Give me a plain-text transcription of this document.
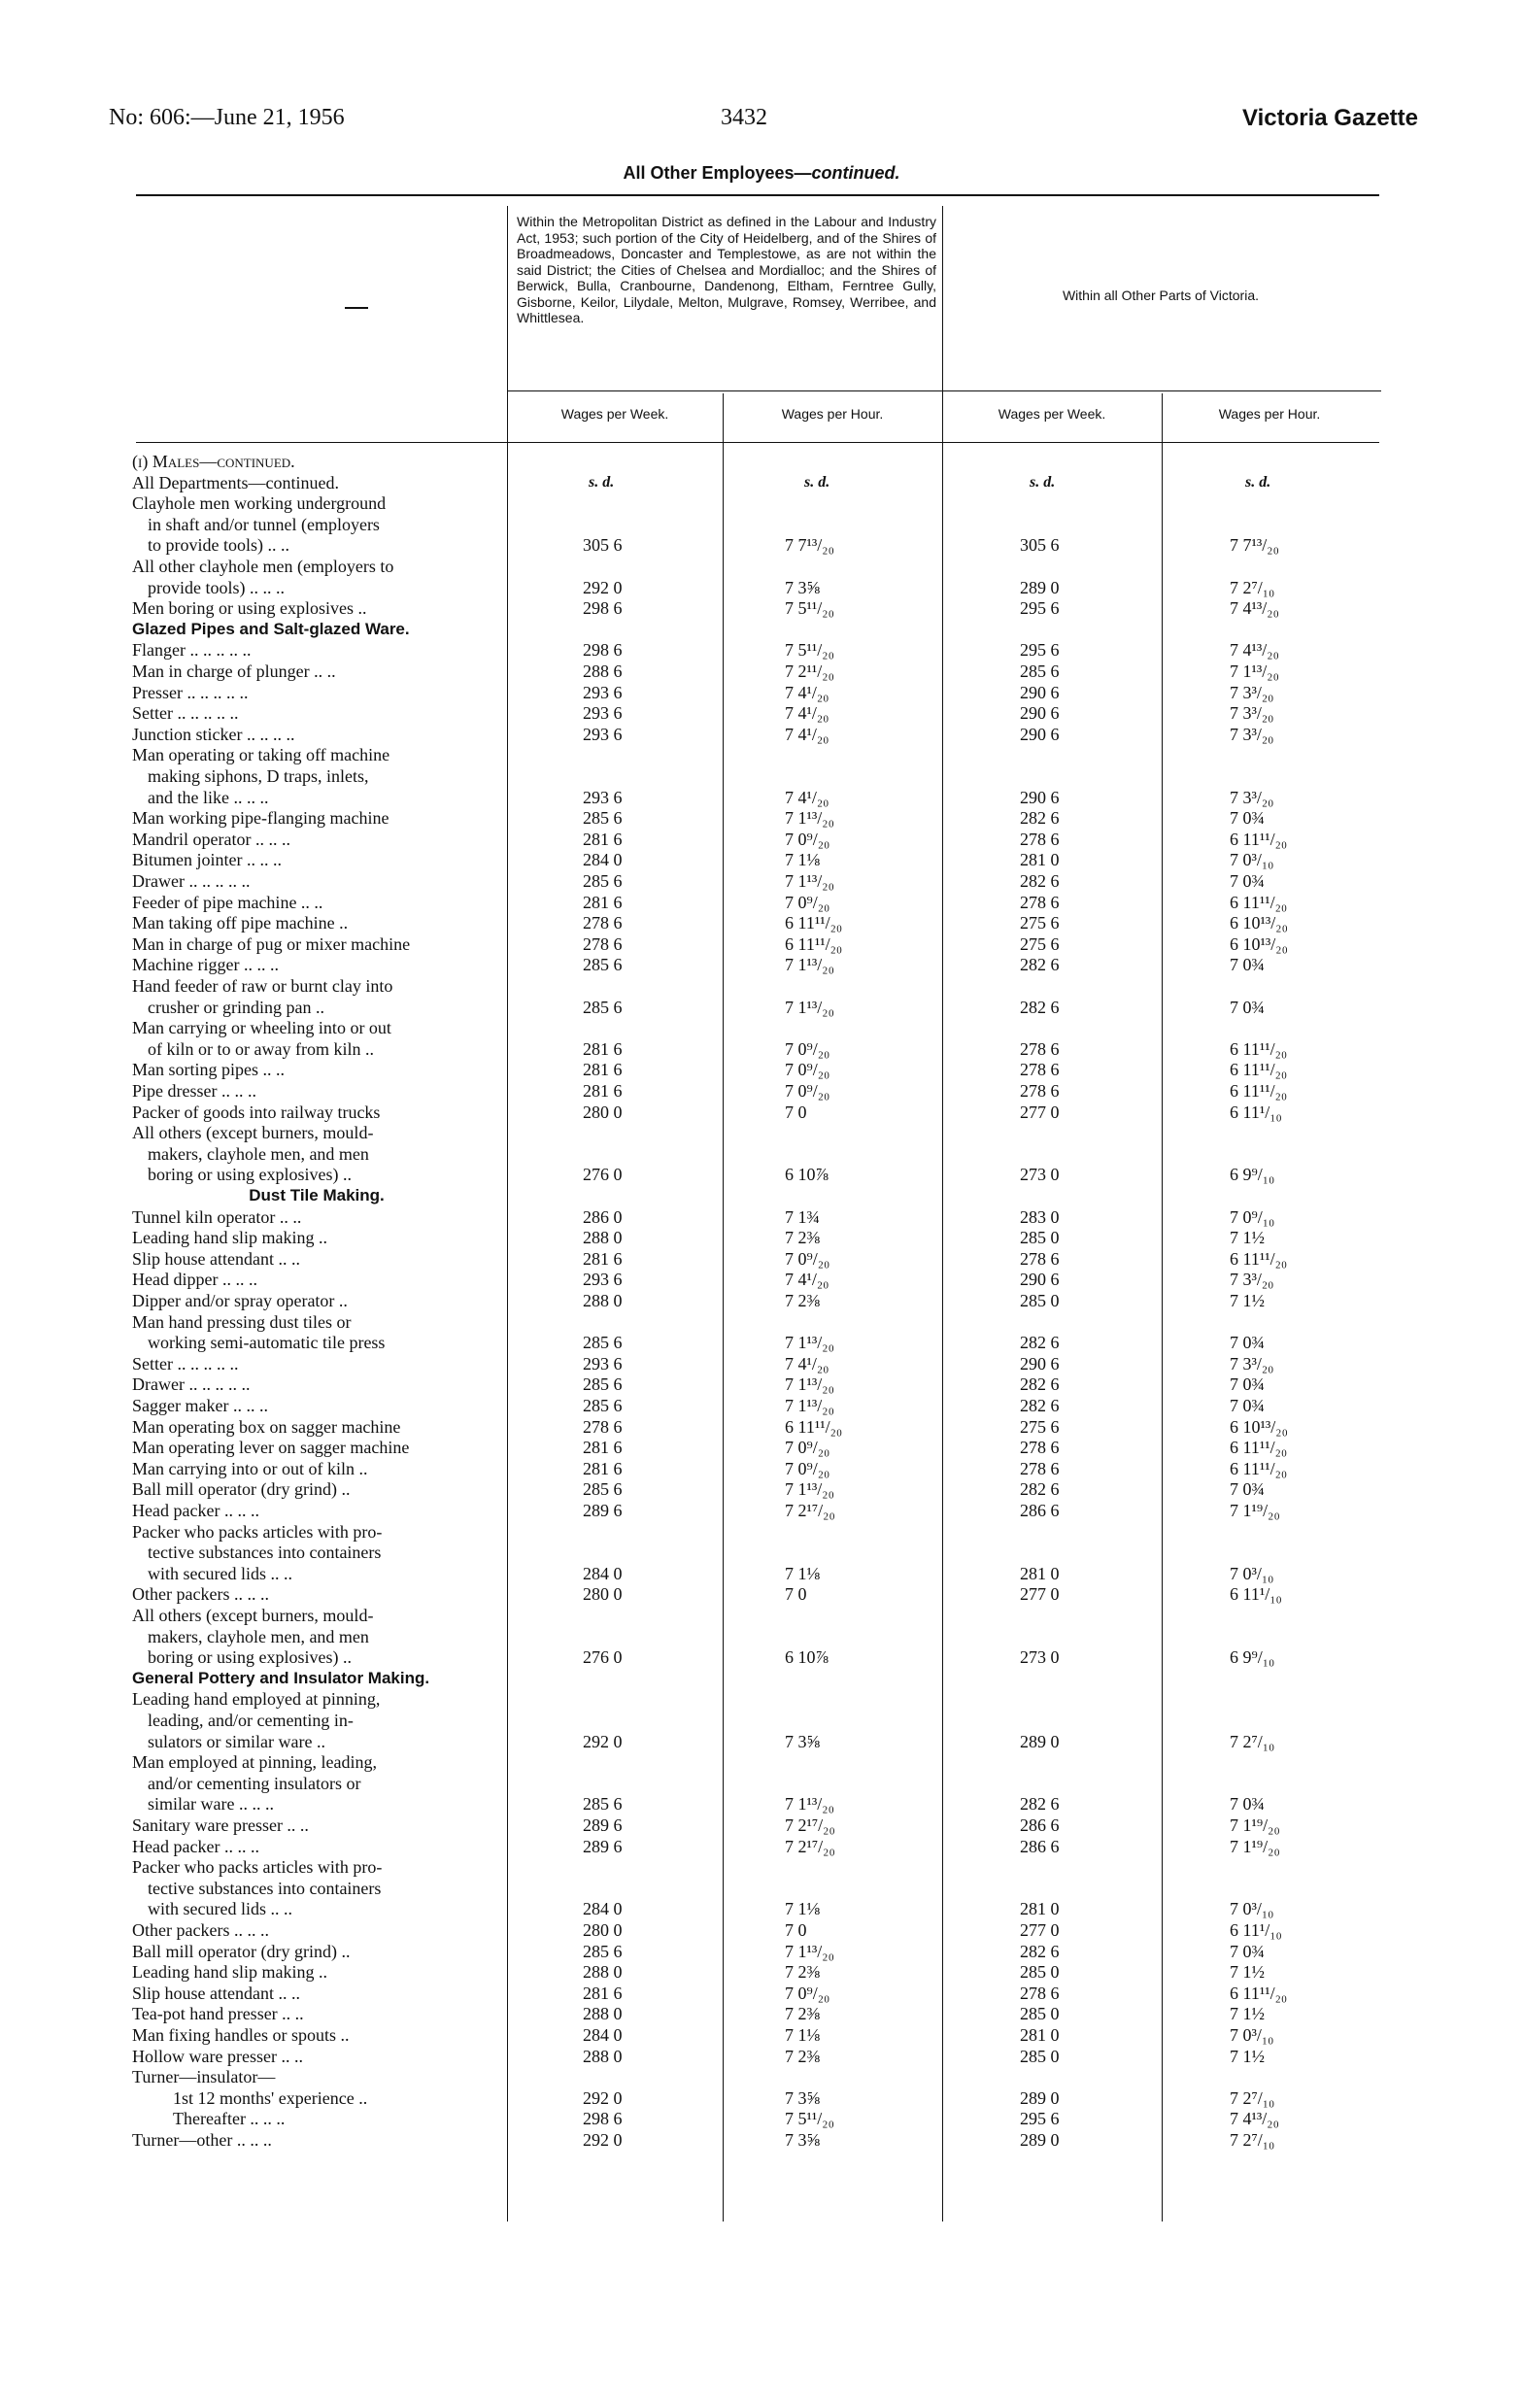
No: 606:—June 21, 1956	3432	Victoria Gazette
All Other Employees—continued.
Within the Metropolitan District as defined in the Labour and Industry Act, 1953; such portion of the City of Heidelberg, and of the Shires of Broadmeadows, Doncaster and Templestowe, as are not within the said District; the Cities of Chelsea and Mordialloc; and the Shires of Berwick, Bulla, Cranbourne, Dandenong, Eltham, Ferntree Gully, Gisborne, Keilor, Lilydale, Melton, Mulgrave, Romsey, Werribee, and Whittlesea.
Within all Other Parts of Victoria.
Wages per Week.	Wages per Hour.	Wages per Week.	Wages per Hour.
s. d.	s. d.	s. d.	s. d.
(i) Males—continued.
All Departments—continued.
Clayhole men working underground
in shaft and/or tunnel (employers
to provide tools) .. ..	305 6	7 7¹³/₂₀	305 6	7 7¹³/₂₀
All other clayhole men (employers to
provide tools) .. .. ..	292 0	7 3⅝	289 0	7 2⁷/₁₀
Men boring or using explosives ..	298 6	7 5¹¹/₂₀	295 6	7 4¹³/₂₀
Glazed Pipes and Salt-glazed Ware.
Flanger .. .. .. .. ..	298 6	7 5¹¹/₂₀	295 6	7 4¹³/₂₀
Man in charge of plunger .. ..	288 6	7 2¹¹/₂₀	285 6	7 1¹³/₂₀
Presser .. .. .. .. ..	293 6	7 4¹/₂₀	290 6	7 3³/₂₀
Setter .. .. .. .. ..	293 6	7 4¹/₂₀	290 6	7 3³/₂₀
Junction sticker .. .. .. ..	293 6	7 4¹/₂₀	290 6	7 3³/₂₀
Man operating or taking off machine
making siphons, D traps, inlets,
and the like .. .. ..	293 6	7 4¹/₂₀	290 6	7 3³/₂₀
Man working pipe-flanging machine	285 6	7 1¹³/₂₀	282 6	7 0¾
Mandril operator .. .. ..	281 6	7 0⁹/₂₀	278 6	6 11¹¹/₂₀
Bitumen jointer .. .. ..	284 0	7 1⅛	281 0	7 0³/₁₀
Drawer .. .. .. .. ..	285 6	7 1¹³/₂₀	282 6	7 0¾
Feeder of pipe machine .. ..	281 6	7 0⁹/₂₀	278 6	6 11¹¹/₂₀
Man taking off pipe machine ..	278 6	6 11¹¹/₂₀	275 6	6 10¹³/₂₀
Man in charge of pug or mixer machine	278 6	6 11¹¹/₂₀	275 6	6 10¹³/₂₀
Machine rigger .. .. ..	285 6	7 1¹³/₂₀	282 6	7 0¾
Hand feeder of raw or burnt clay into
crusher or grinding pan ..	285 6	7 1¹³/₂₀	282 6	7 0¾
Man carrying or wheeling into or out
of kiln or to or away from kiln ..	281 6	7 0⁹/₂₀	278 6	6 11¹¹/₂₀
Man sorting pipes .. ..	281 6	7 0⁹/₂₀	278 6	6 11¹¹/₂₀
Pipe dresser .. .. ..	281 6	7 0⁹/₂₀	278 6	6 11¹¹/₂₀
Packer of goods into railway trucks	280 0	7 0	277 0	6 11¹/₁₀
All others (except burners, mould-
makers, clayhole men, and men
boring or using explosives) ..	276 0	6 10⅞	273 0	6 9⁹/₁₀
Dust Tile Making.
Tunnel kiln operator .. ..	286 0	7 1¾	283 0	7 0⁹/₁₀
Leading hand slip making ..	288 0	7 2⅜	285 0	7 1½
Slip house attendant .. ..	281 6	7 0⁹/₂₀	278 6	6 11¹¹/₂₀
Head dipper .. .. ..	293 6	7 4¹/₂₀	290 6	7 3³/₂₀
Dipper and/or spray operator ..	288 0	7 2⅜	285 0	7 1½
Man hand pressing dust tiles or
working semi-automatic tile press	285 6	7 1¹³/₂₀	282 6	7 0¾
Setter .. .. .. .. ..	293 6	7 4¹/₂₀	290 6	7 3³/₂₀
Drawer .. .. .. .. ..	285 6	7 1¹³/₂₀	282 6	7 0¾
Sagger maker .. .. ..	285 6	7 1¹³/₂₀	282 6	7 0¾
Man operating box on sagger machine	278 6	6 11¹¹/₂₀	275 6	6 10¹³/₂₀
Man operating lever on sagger machine	281 6	7 0⁹/₂₀	278 6	6 11¹¹/₂₀
Man carrying into or out of kiln ..	281 6	7 0⁹/₂₀	278 6	6 11¹¹/₂₀
Ball mill operator (dry grind) ..	285 6	7 1¹³/₂₀	282 6	7 0¾
Head packer .. .. ..	289 6	7 2¹⁷/₂₀	286 6	7 1¹⁹/₂₀
Packer who packs articles with pro-
tective substances into containers
with secured lids .. ..	284 0	7 1⅛	281 0	7 0³/₁₀
Other packers .. .. ..	280 0	7 0	277 0	6 11¹/₁₀
All others (except burners, mould-
makers, clayhole men, and men
boring or using explosives) ..	276 0	6 10⅞	273 0	6 9⁹/₁₀
General Pottery and Insulator Making.
Leading hand employed at pinning,
leading, and/or cementing in-
sulators or similar ware ..	292 0	7 3⅝	289 0	7 2⁷/₁₀
Man employed at pinning, leading,
and/or cementing insulators or
similar ware .. .. ..	285 6	7 1¹³/₂₀	282 6	7 0¾
Sanitary ware presser .. ..	289 6	7 2¹⁷/₂₀	286 6	7 1¹⁹/₂₀
Head packer .. .. ..	289 6	7 2¹⁷/₂₀	286 6	7 1¹⁹/₂₀
Packer who packs articles with pro-
tective substances into containers
with secured lids .. ..	284 0	7 1⅛	281 0	7 0³/₁₀
Other packers .. .. ..	280 0	7 0	277 0	6 11¹/₁₀
Ball mill operator (dry grind) ..	285 6	7 1¹³/₂₀	282 6	7 0¾
Leading hand slip making ..	288 0	7 2⅜	285 0	7 1½
Slip house attendant .. ..	281 6	7 0⁹/₂₀	278 6	6 11¹¹/₂₀
Tea-pot hand presser .. ..	288 0	7 2⅜	285 0	7 1½
Man fixing handles or spouts ..	284 0	7 1⅛	281 0	7 0³/₁₀
Hollow ware presser .. ..	288 0	7 2⅜	285 0	7 1½
Turner—insulator—
1st 12 months' experience ..	292 0	7 3⅝	289 0	7 2⁷/₁₀
Thereafter .. .. ..	298 6	7 5¹¹/₂₀	295 6	7 4¹³/₂₀
Turner—other .. .. ..	292 0	7 3⅝	289 0	7 2⁷/₁₀
